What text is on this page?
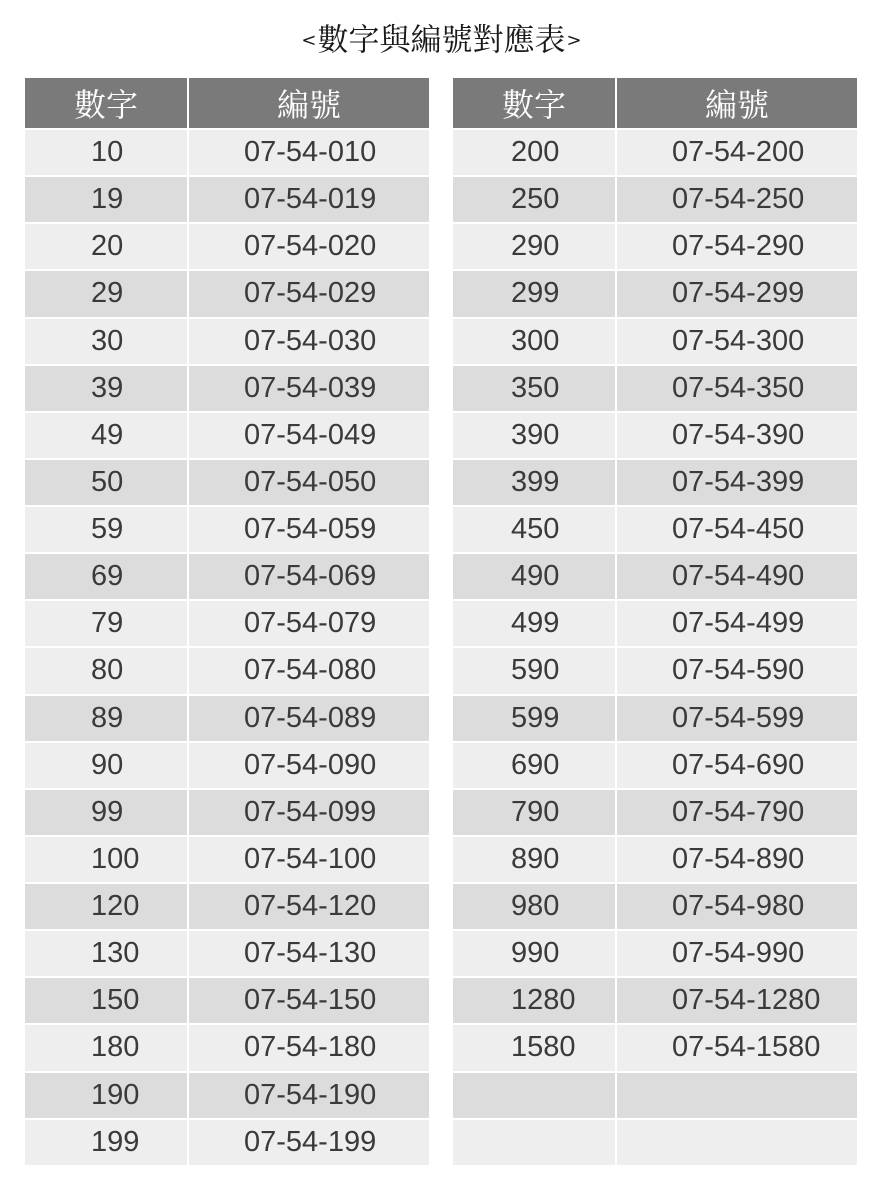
<數字與編號對應表>
數字	編號
10	07-54-010
19	07-54-019
20	07-54-020
29	07-54-029
30	07-54-030
39	07-54-039
49	07-54-049
50	07-54-050
59	07-54-059
69	07-54-069
79	07-54-079
80	07-54-080
89	07-54-089
90	07-54-090
99	07-54-099
100	07-54-100
120	07-54-120
130	07-54-130
150	07-54-150
180	07-54-180
190	07-54-190
199	07-54-199
數字	編號
200	07-54-200
250	07-54-250
290	07-54-290
299	07-54-299
300	07-54-300
350	07-54-350
390	07-54-390
399	07-54-399
450	07-54-450
490	07-54-490
499	07-54-499
590	07-54-590
599	07-54-599
690	07-54-690
790	07-54-790
890	07-54-890
980	07-54-980
990	07-54-990
1280	07-54-1280
1580	07-54-1580
